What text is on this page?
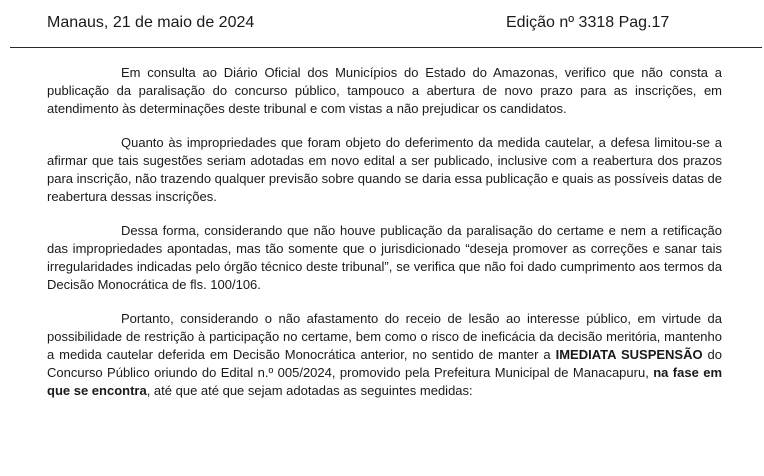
Manaus, 21 de maio de 2024	Edição nº 3318 Pag.17

Em consulta ao Diário Oficial dos Municípios do Estado do Amazonas, verifico que não consta a publicação da paralisação do concurso público, tampouco a abertura de novo prazo para as inscrições, em atendimento às determinações deste tribunal e com vistas a não prejudicar os candidatos.

Quanto às impropriedades que foram objeto do deferimento da medida cautelar, a defesa limitou-se a afirmar que tais sugestões seriam adotadas em novo edital a ser publicado, inclusive com a reabertura dos prazos para inscrição, não trazendo qualquer previsão sobre quando se daria essa publicação e quais as possíveis datas de reabertura dessas inscrições.

Dessa forma, considerando que não houve publicação da paralisação do certame e nem a retificação das impropriedades apontadas, mas tão somente que o jurisdicionado “deseja promover as correções e sanar tais irregularidades indicadas pelo órgão técnico deste tribunal”, se verifica que não foi dado cumprimento aos termos da Decisão Monocrática de fls. 100/106.

Portanto, considerando o não afastamento do receio de lesão ao interesse público, em virtude da possibilidade de restrição à participação no certame, bem como o risco de ineficácia da decisão meritória, mantenho a medida cautelar deferida em Decisão Monocrática anterior, no sentido de manter a IMEDIATA SUSPENSÃO do Concurso Público oriundo do Edital n.º 005/2024, promovido pela Prefeitura Municipal de Manacapuru, na fase em que se encontra, até que até que sejam adotadas as seguintes medidas:
